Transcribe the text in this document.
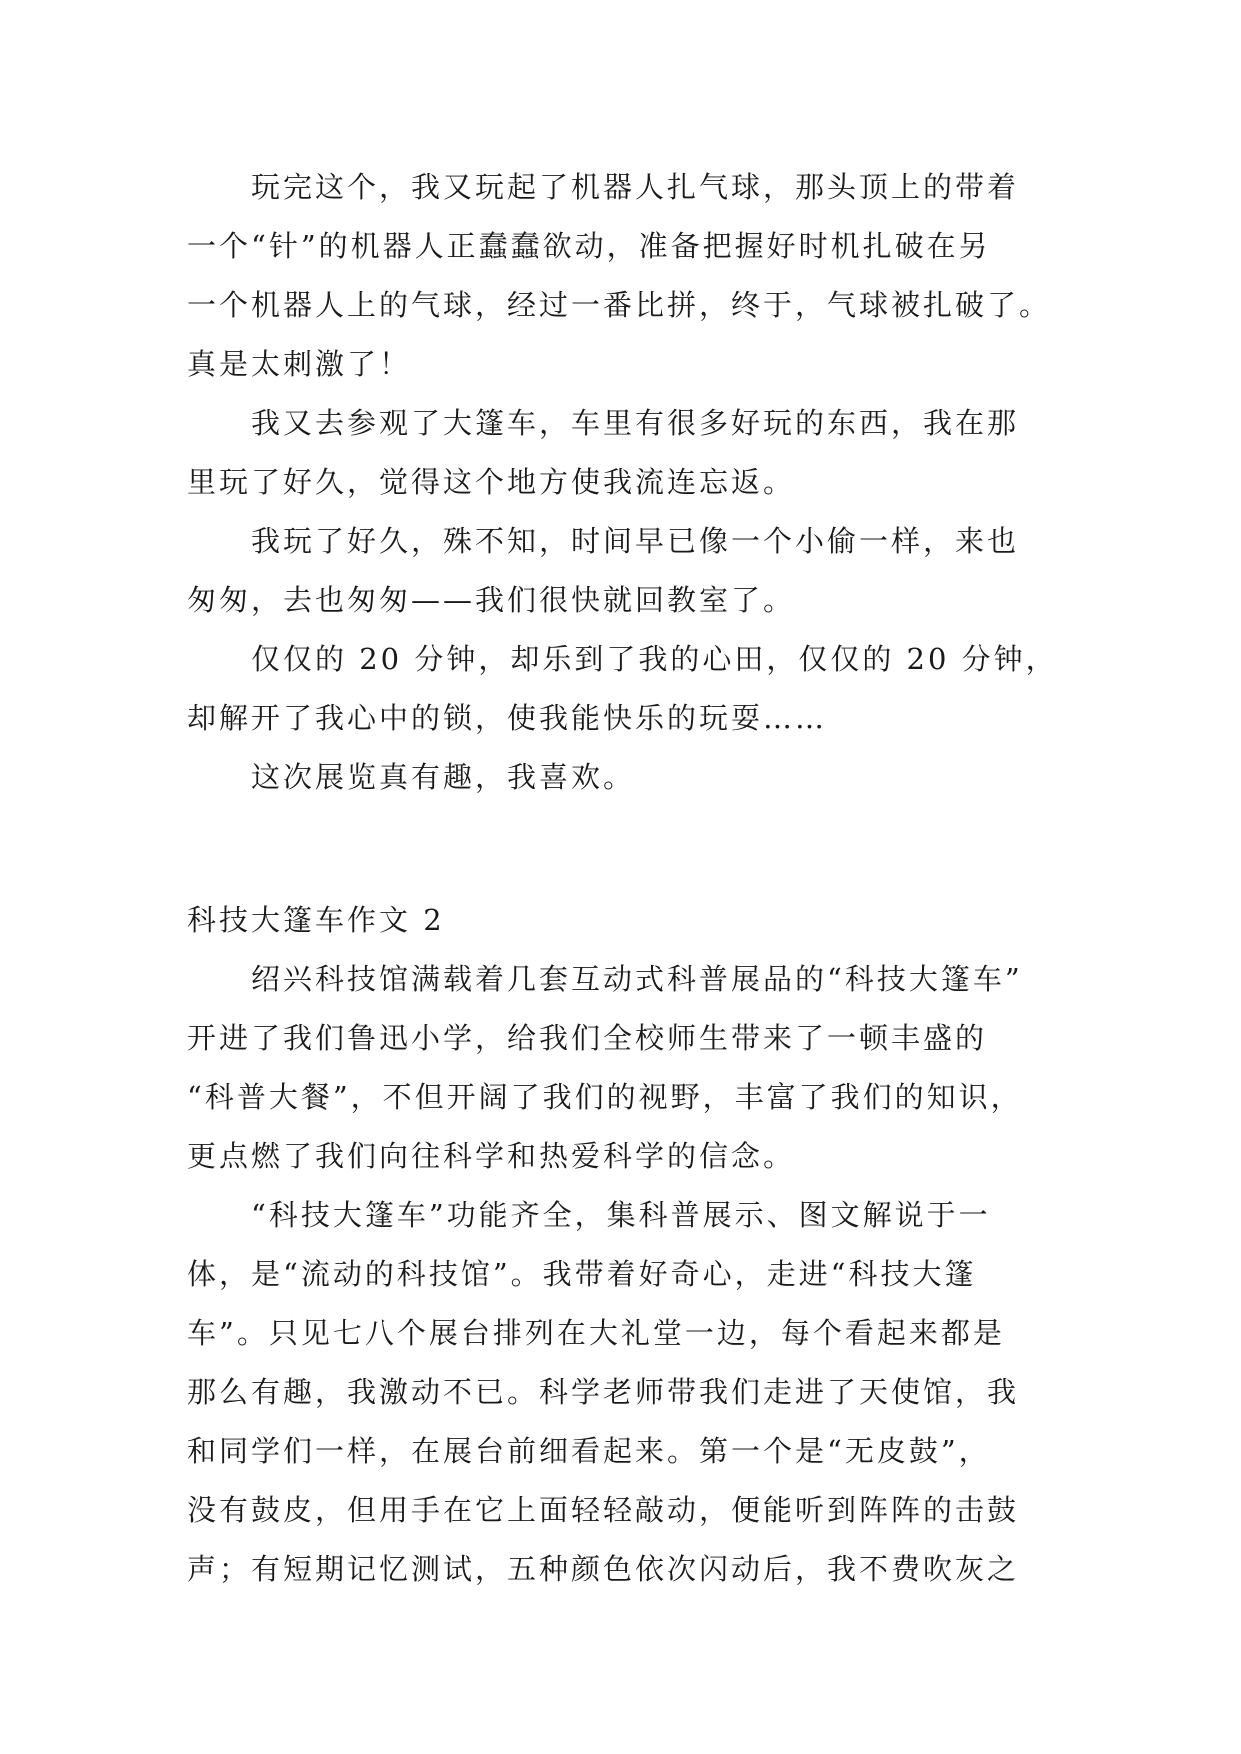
玩完这个，我又玩起了机器人扎气球，那头顶上的带着
一个“针”的机器人正蠢蠢欲动，准备把握好时机扎破在另
一个机器人上的气球，经过一番比拼，终于，气球被扎破了。
真是太刺激了！
我又去参观了大篷车，车里有很多好玩的东西，我在那
里玩了好久，觉得这个地方使我流连忘返。
我玩了好久，殊不知，时间早已像一个小偷一样，来也
匆匆，去也匆匆——我们很快就回教室了。
仅仅的 20 分钟，却乐到了我的心田，仅仅的 20 分钟，
却解开了我心中的锁，使我能快乐的玩耍……
这次展览真有趣，我喜欢。
科技大篷车作文 2
绍兴科技馆满载着几套互动式科普展品的“科技大篷车”
开进了我们鲁迅小学，给我们全校师生带来了一顿丰盛的
“科普大餐”，不但开阔了我们的视野，丰富了我们的知识，
更点燃了我们向往科学和热爱科学的信念。
“科技大篷车”功能齐全，集科普展示、图文解说于一
体，是“流动的科技馆”。我带着好奇心，走进“科技大篷
车”。只见七八个展台排列在大礼堂一边，每个看起来都是
那么有趣，我激动不已。科学老师带我们走进了天使馆，我
和同学们一样，在展台前细看起来。第一个是“无皮鼓”，
没有鼓皮，但用手在它上面轻轻敲动，便能听到阵阵的击鼓
声；有短期记忆测试，五种颜色依次闪动后，我不费吹灰之
